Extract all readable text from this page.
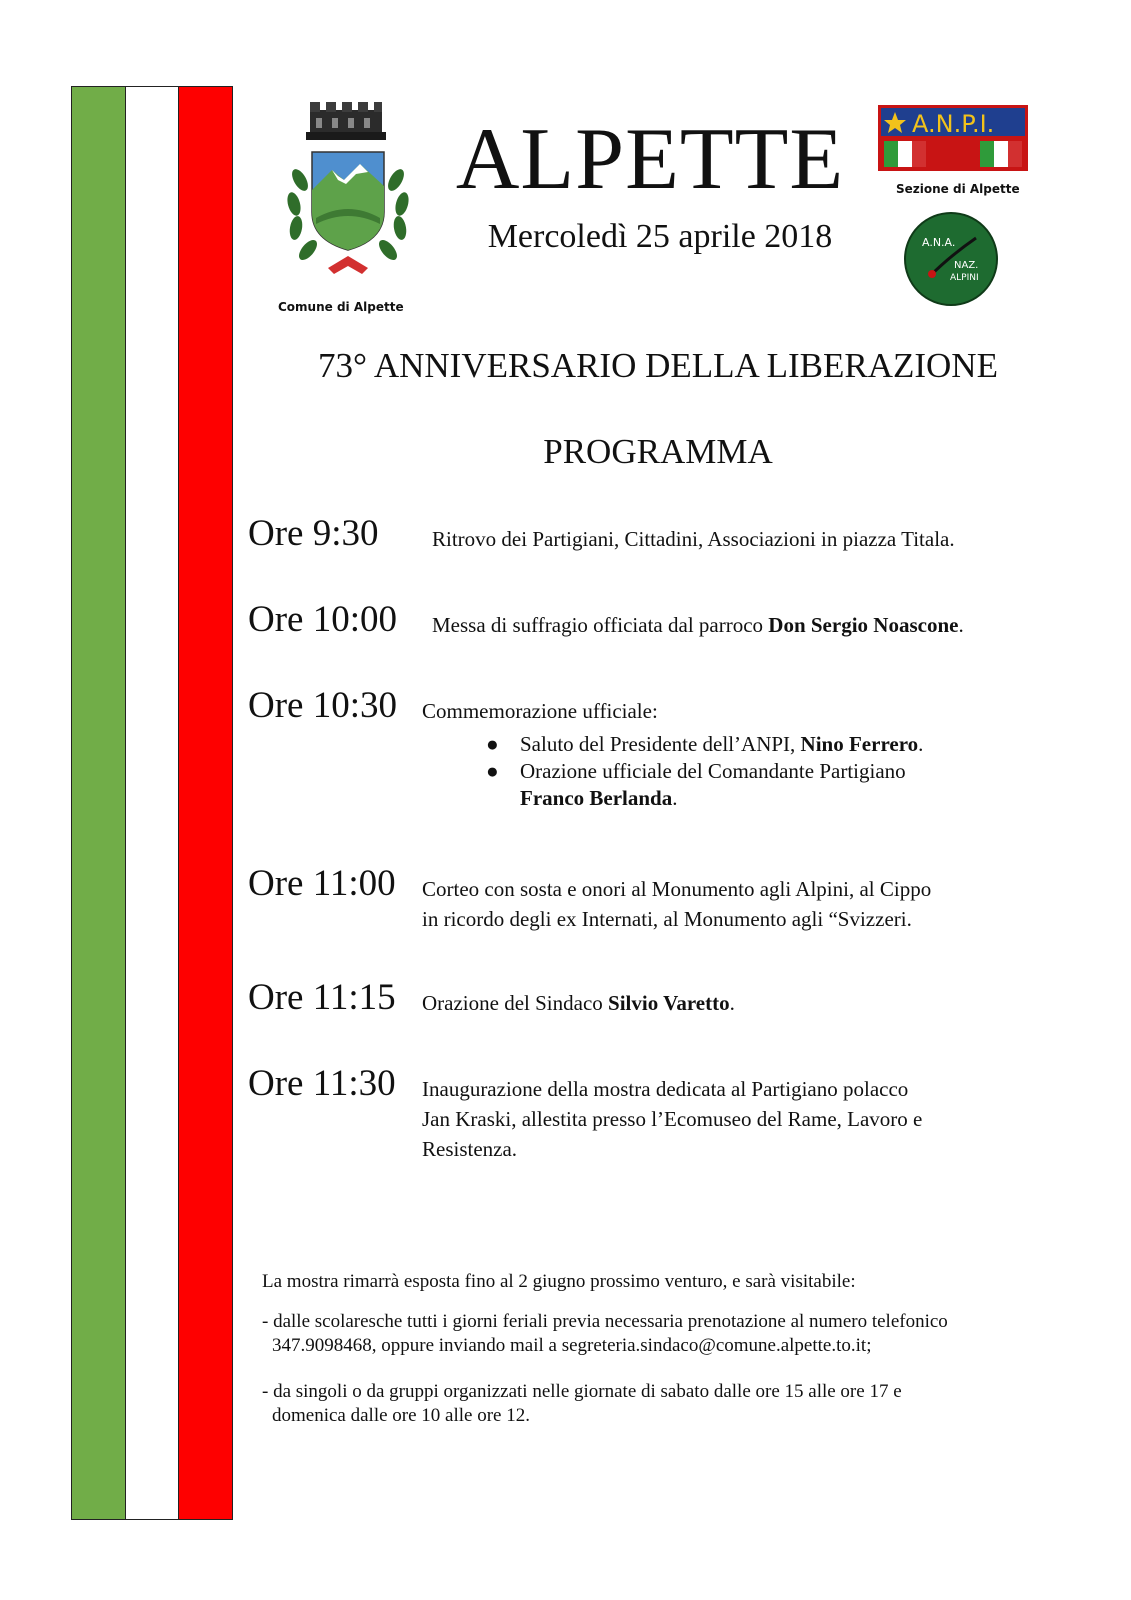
Comune di Alpette
ALPETTE
Mercoledì 25 aprile 2018
A.N.P.I.
Sezione di Alpette
A.N.A.
NAZ.
ALPINI
73° ANNIVERSARIO DELLA LIBERAZIONE
PROGRAMMA
Ore 9:30	Ritrovo dei Partigiani, Cittadini, Associazioni in piazza Titala.
Ore 10:00 Messa di suffragio officiata dal parroco Don Sergio Noascone.
Ore 10:30 Commemorazione ufficiale:
● Saluto del Presidente dell’ANPI, Nino Ferrero.
● Orazione ufficiale del Comandante Partigiano
Franco Berlanda.
Ore 11:00 Corteo con sosta e onori al Monumento agli Alpini, al Cippo
in ricordo degli ex Internati, al Monumento agli “Svizzeri.
Ore 11:15 Orazione del Sindaco Silvio Varetto.
Ore 11:30 Inaugurazione della mostra dedicata al Partigiano polacco
Jan Kraski, allestita presso l’Ecomuseo del Rame, Lavoro e
Resistenza.
La mostra rimarrà esposta fino al 2 giugno prossimo venturo, e sarà visitabile:
- dalle scolaresche tutti i giorni feriali previa necessaria prenotazione al numero telefonico
347.9098468, oppure inviando mail a segreteria.sindaco@comune.alpette.to.it;
- da singoli o da gruppi organizzati nelle giornate di sabato dalle ore 15 alle ore 17 e
domenica dalle ore 10 alle ore 12.
